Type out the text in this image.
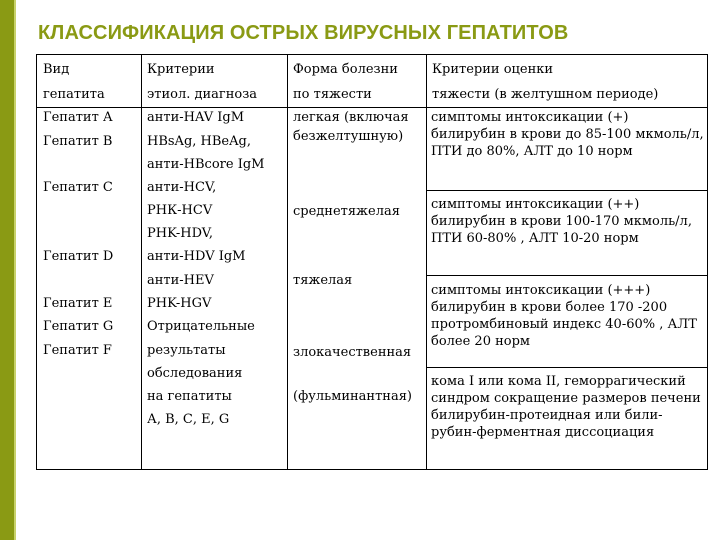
КЛАССИФИКАЦИЯ ОСТРЫХ ВИРУСНЫХ ГЕПАТИТОВ
Вид
гепатита
Критерии
этиол. диагноза
Форма болезни
по тяжести
Критерии оценки
тяжести (в желтушном периоде)
Гепатит А
Гепатит В
Гепатит С
Гепатит D
Гепатит Е
Гепатит G
Гепатит F
анти-HAV IgM
HBsAg, HBeAg,
анти-HBcore IgM
анти-HCV,
РНК-HCV
PHK-HDV,
анти-HDV IgM
анти-HEV
PHK-HGV
Отрицательные
результаты
обследования
на гепатиты
А, В, С, Е, G
легкая (включая
безжелтушную)
среднетяжелая
тяжелая
злокачественная
(фульминантная)
симптомы интоксикации (+) билирубин в крови до 85-100 мкмоль/л, ПТИ до 80%, АЛТ до 10 норм
симптомы интоксикации (++) билирубин в крови 100-170 мкмоль/л, ПТИ 60-80% , АЛТ 10-20 норм
симптомы интоксикации (+++) билирубин в крови более 170 -200 протромбиновый индекс 40-60% , АЛТ более 20 норм
кома I или кома II, геморрагический синдром сокращение размеров печени билирубин-протеидная или били-рубин-ферментная диссоциация
